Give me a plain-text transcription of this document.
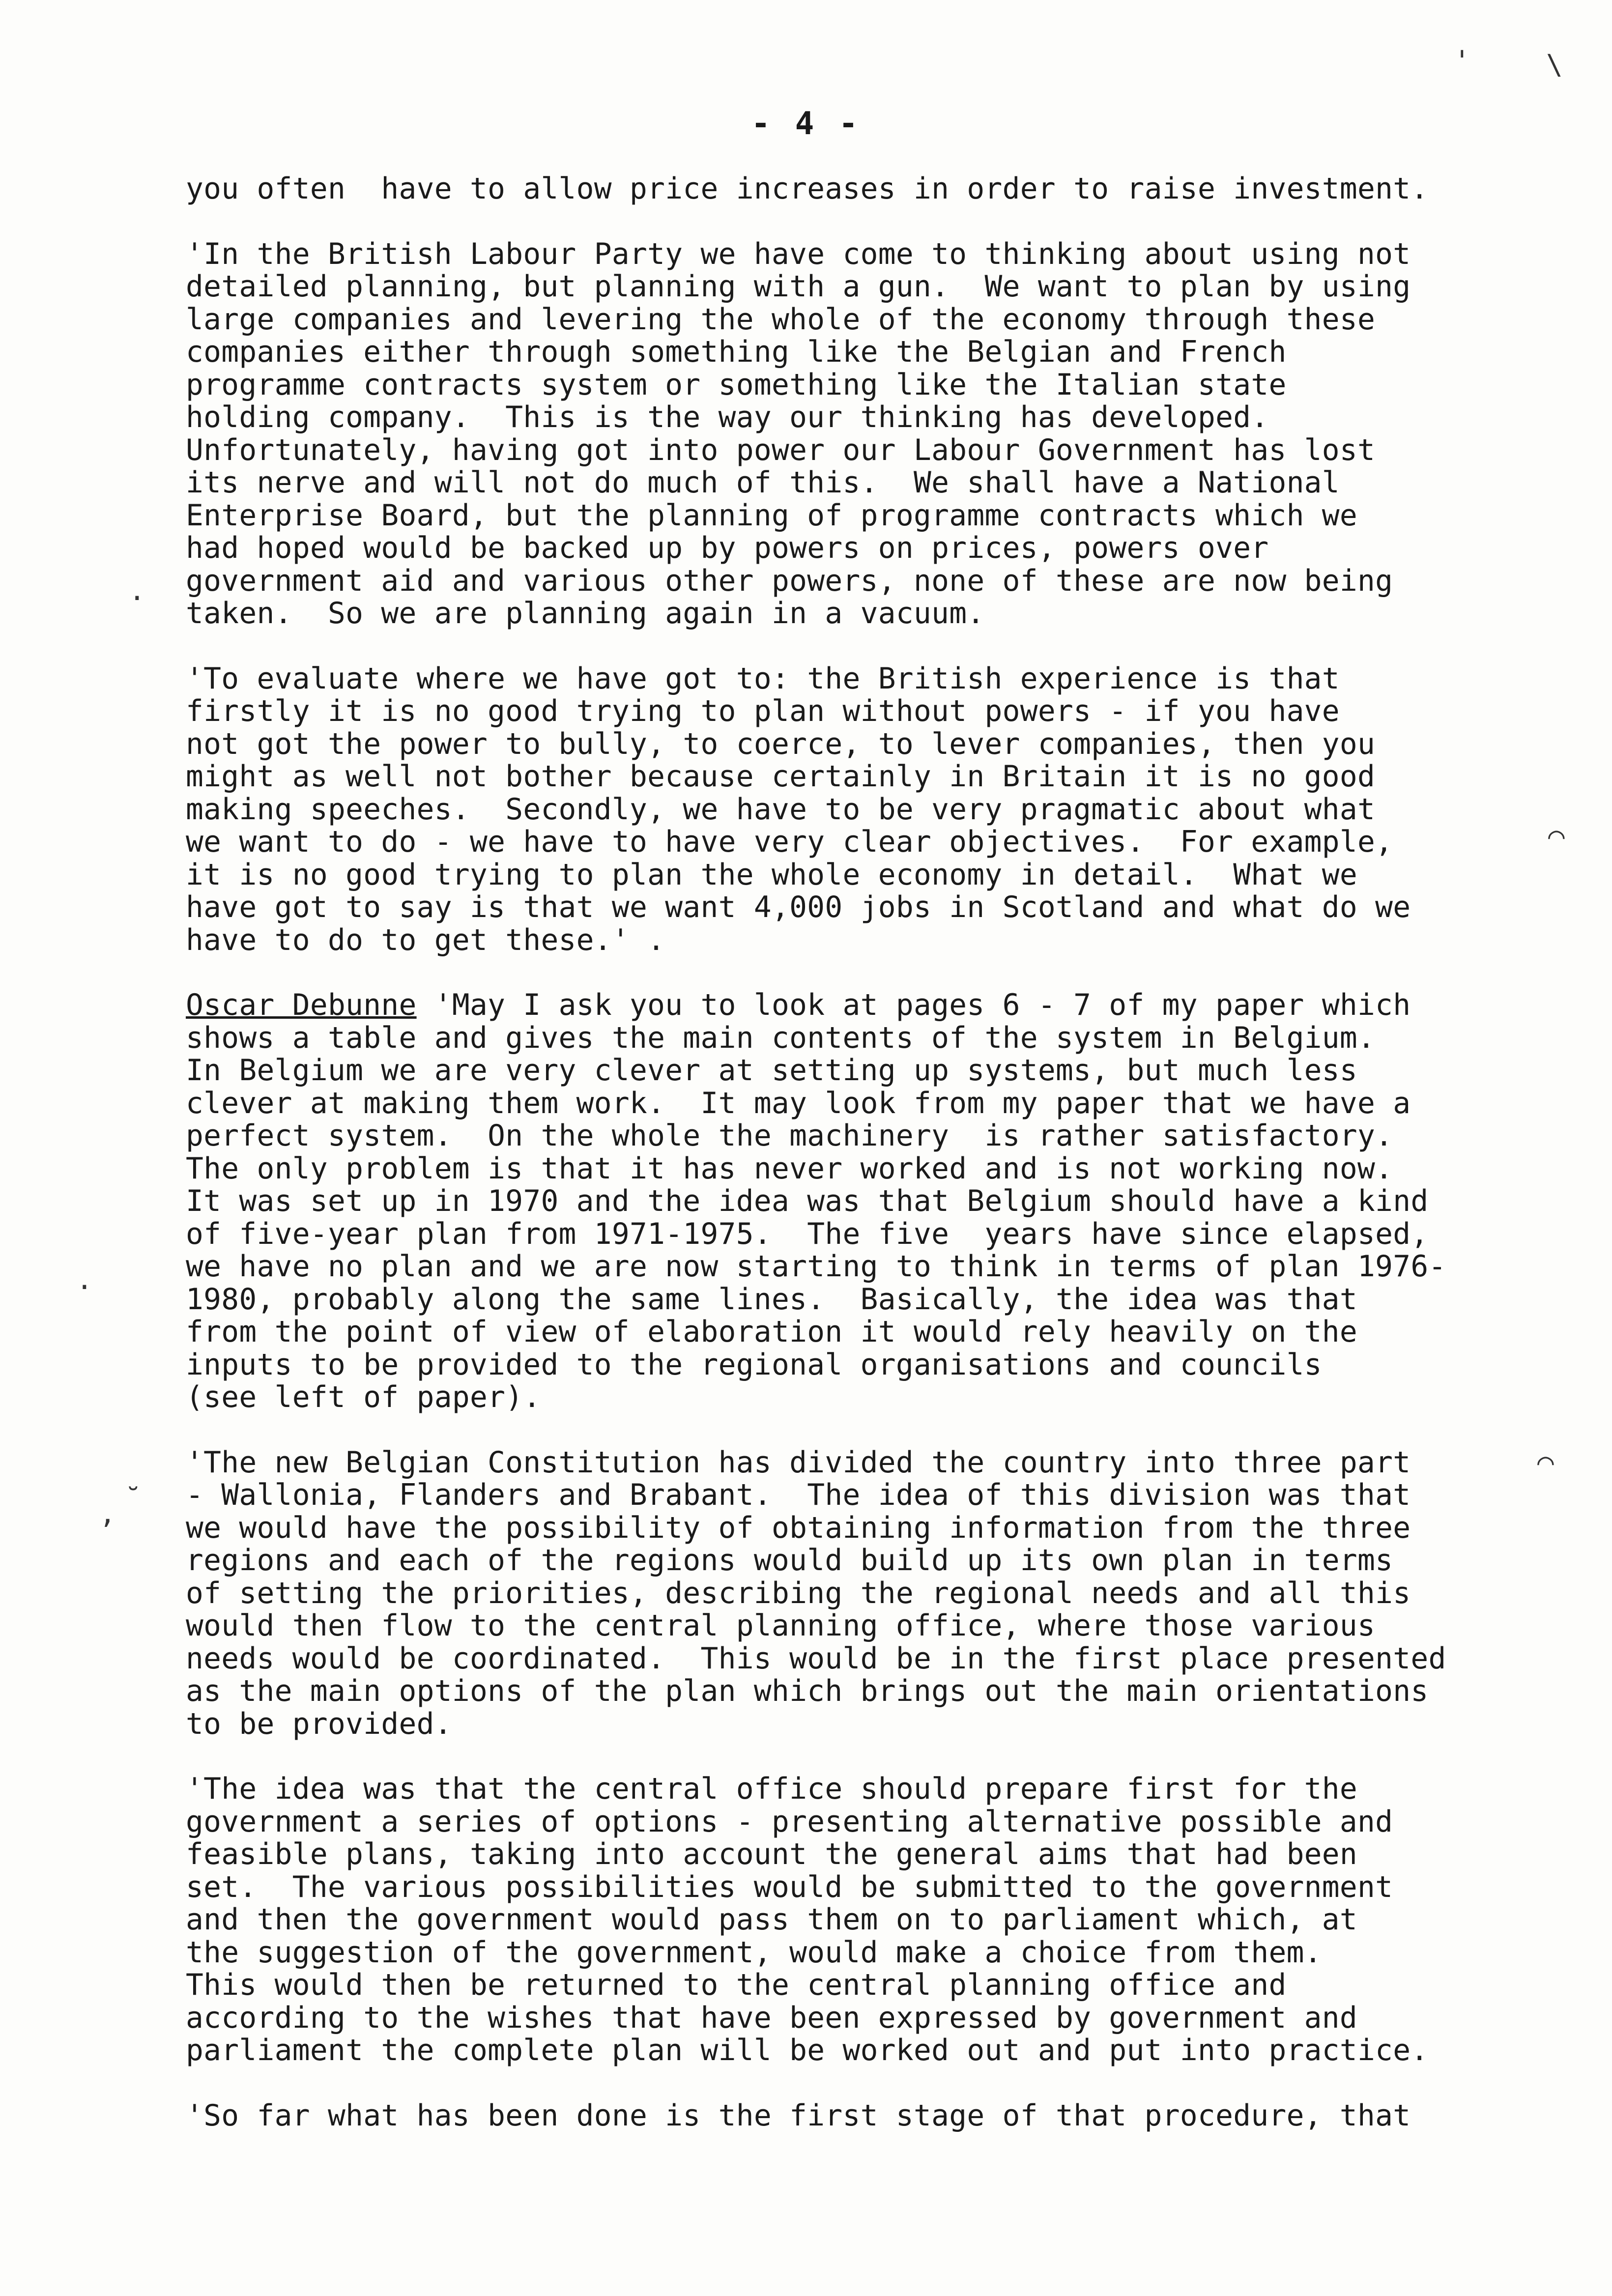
'	\
⌒
⌒
.
˘
,
.
- 4 -
you often  have to allow price increases in order to raise investment.
'In the British Labour Party we have come to thinking about using not
detailed planning, but planning with a gun.  We want to plan by using
large companies and levering the whole of the economy through these
companies either through something like the Belgian and French
programme contracts system or something like the Italian state
holding company.  This is the way our thinking has developed.
Unfortunately, having got into power our Labour Government has lost
its nerve and will not do much of this.  We shall have a National
Enterprise Board, but the planning of programme contracts which we
had hoped would be backed up by powers on prices, powers over
government aid and various other powers, none of these are now being
taken.  So we are planning again in a vacuum.
'To evaluate where we have got to: the British experience is that
firstly it is no good trying to plan without powers - if you have
not got the power to bully, to coerce, to lever companies, then you
might as well not bother because certainly in Britain it is no good
making speeches.  Secondly, we have to be very pragmatic about what
we want to do - we have to have very clear objectives.  For example,
it is no good trying to plan the whole economy in detail.  What we
have got to say is that we want 4,000 jobs in Scotland and what do we
have to do to get these.' .
Oscar Debunne 'May I ask you to look at pages 6 - 7 of my paper which
shows a table and gives the main contents of the system in Belgium.
In Belgium we are very clever at setting up systems, but much less
clever at making them work.  It may look from my paper that we have a
perfect system.  On the whole the machinery  is rather satisfactory.
The only problem is that it has never worked and is not working now.
It was set up in 1970 and the idea was that Belgium should have a kind
of five-year plan from 1971-1975.  The five  years have since elapsed,
we have no plan and we are now starting to think in terms of plan 1976-
1980, probably along the same lines.  Basically, the idea was that
from the point of view of elaboration it would rely heavily on the
inputs to be provided to the regional organisations and councils
(see left of paper).
'The new Belgian Constitution has divided the country into three part
- Wallonia, Flanders and Brabant.  The idea of this division was that
we would have the possibility of obtaining information from the three
regions and each of the regions would build up its own plan in terms
of setting the priorities, describing the regional needs and all this
would then flow to the central planning office, where those various
needs would be coordinated.  This would be in the first place presented
as the main options of the plan which brings out the main orientations
to be provided.
'The idea was that the central office should prepare first for the
government a series of options - presenting alternative possible and
feasible plans, taking into account the general aims that had been
set.  The various possibilities would be submitted to the government
and then the government would pass them on to parliament which, at
the suggestion of the government, would make a choice from them.
This would then be returned to the central planning office and
according to the wishes that have been expressed by government and
parliament the complete plan will be worked out and put into practice.
'So far what has been done is the first stage of that procedure, that
